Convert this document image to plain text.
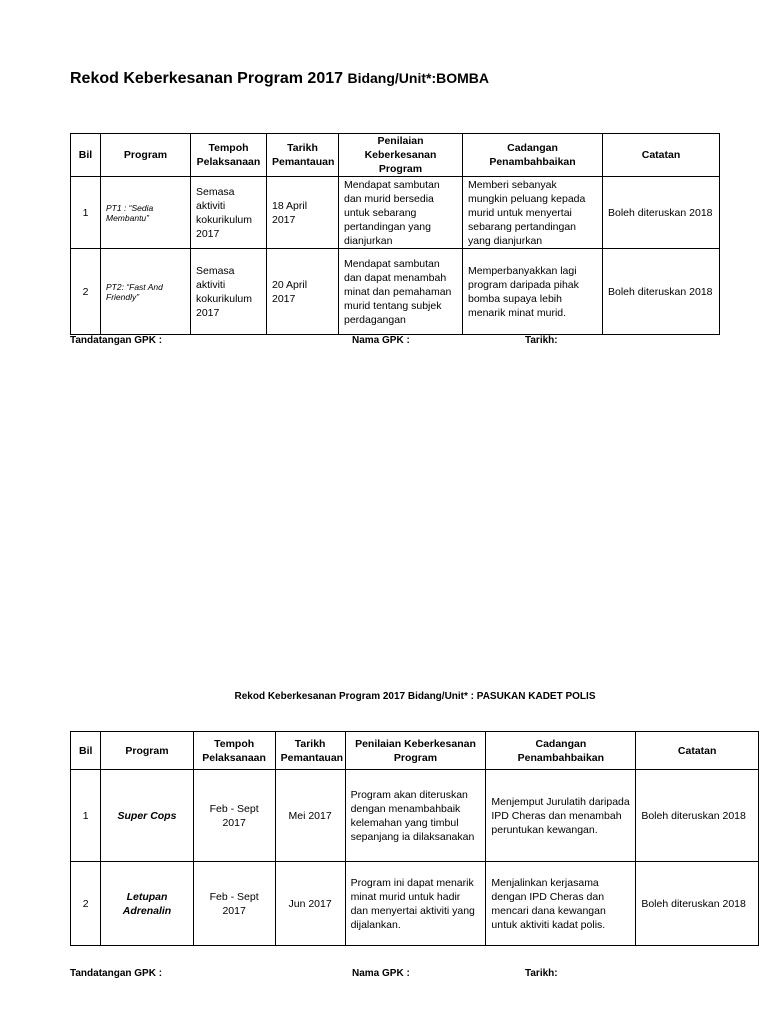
Rekod Keberkesanan Program 2017 Bidang/Unit*:BOMBA
Bil	Program	Tempoh Pelaksanaan	Tarikh Pemantauan	Penilaian Keberkesanan Program	Cadangan Penambahbaikan	Catatan
1	PT1 : “Sedia Membantu”	Semasa aktiviti kokurikulum 2017	18 April 2017	Mendapat sambutan dan murid bersedia untuk sebarang pertandingan yang dianjurkan	Memberi sebanyak mungkin peluang kepada murid untuk menyertai sebarang pertandingan yang dianjurkan	Boleh diteruskan 2018
2	PT2: “Fast And Friendly”	Semasa aktiviti kokurikulum 2017	20 April 2017	Mendapat sambutan dan dapat menambah minat dan pemahaman murid tentang subjek perdagangan	Memperbanyakkan lagi program daripada pihak bomba supaya lebih menarik minat murid.	Boleh diteruskan 2018
Tandatangan GPK :	Nama GPK :	Tarikh:
Rekod Keberkesanan Program 2017 Bidang/Unit* : PASUKAN KADET POLIS
Bil	Program	Tempoh Pelaksanaan	Tarikh Pemantauan	Penilaian Keberkesanan Program	Cadangan Penambahbaikan	Catatan
1	Super Cops	Feb - Sept 2017	Mei 2017	Program akan diteruskan dengan menambahbaik kelemahan yang timbul sepanjang ia dilaksanakan	Menjemput Jurulatih daripada IPD Cheras dan menambah peruntukan kewangan.	Boleh diteruskan 2018
2	Letupan Adrenalin	Feb - Sept 2017	Jun 2017	Program ini dapat menarik minat murid untuk hadir dan menyertai aktiviti yang dijalankan.	Menjalinkan kerjasama dengan IPD Cheras dan mencari dana kewangan untuk aktiviti kadat polis.	Boleh diteruskan 2018
Tandatangan GPK :	Nama GPK :	Tarikh:
